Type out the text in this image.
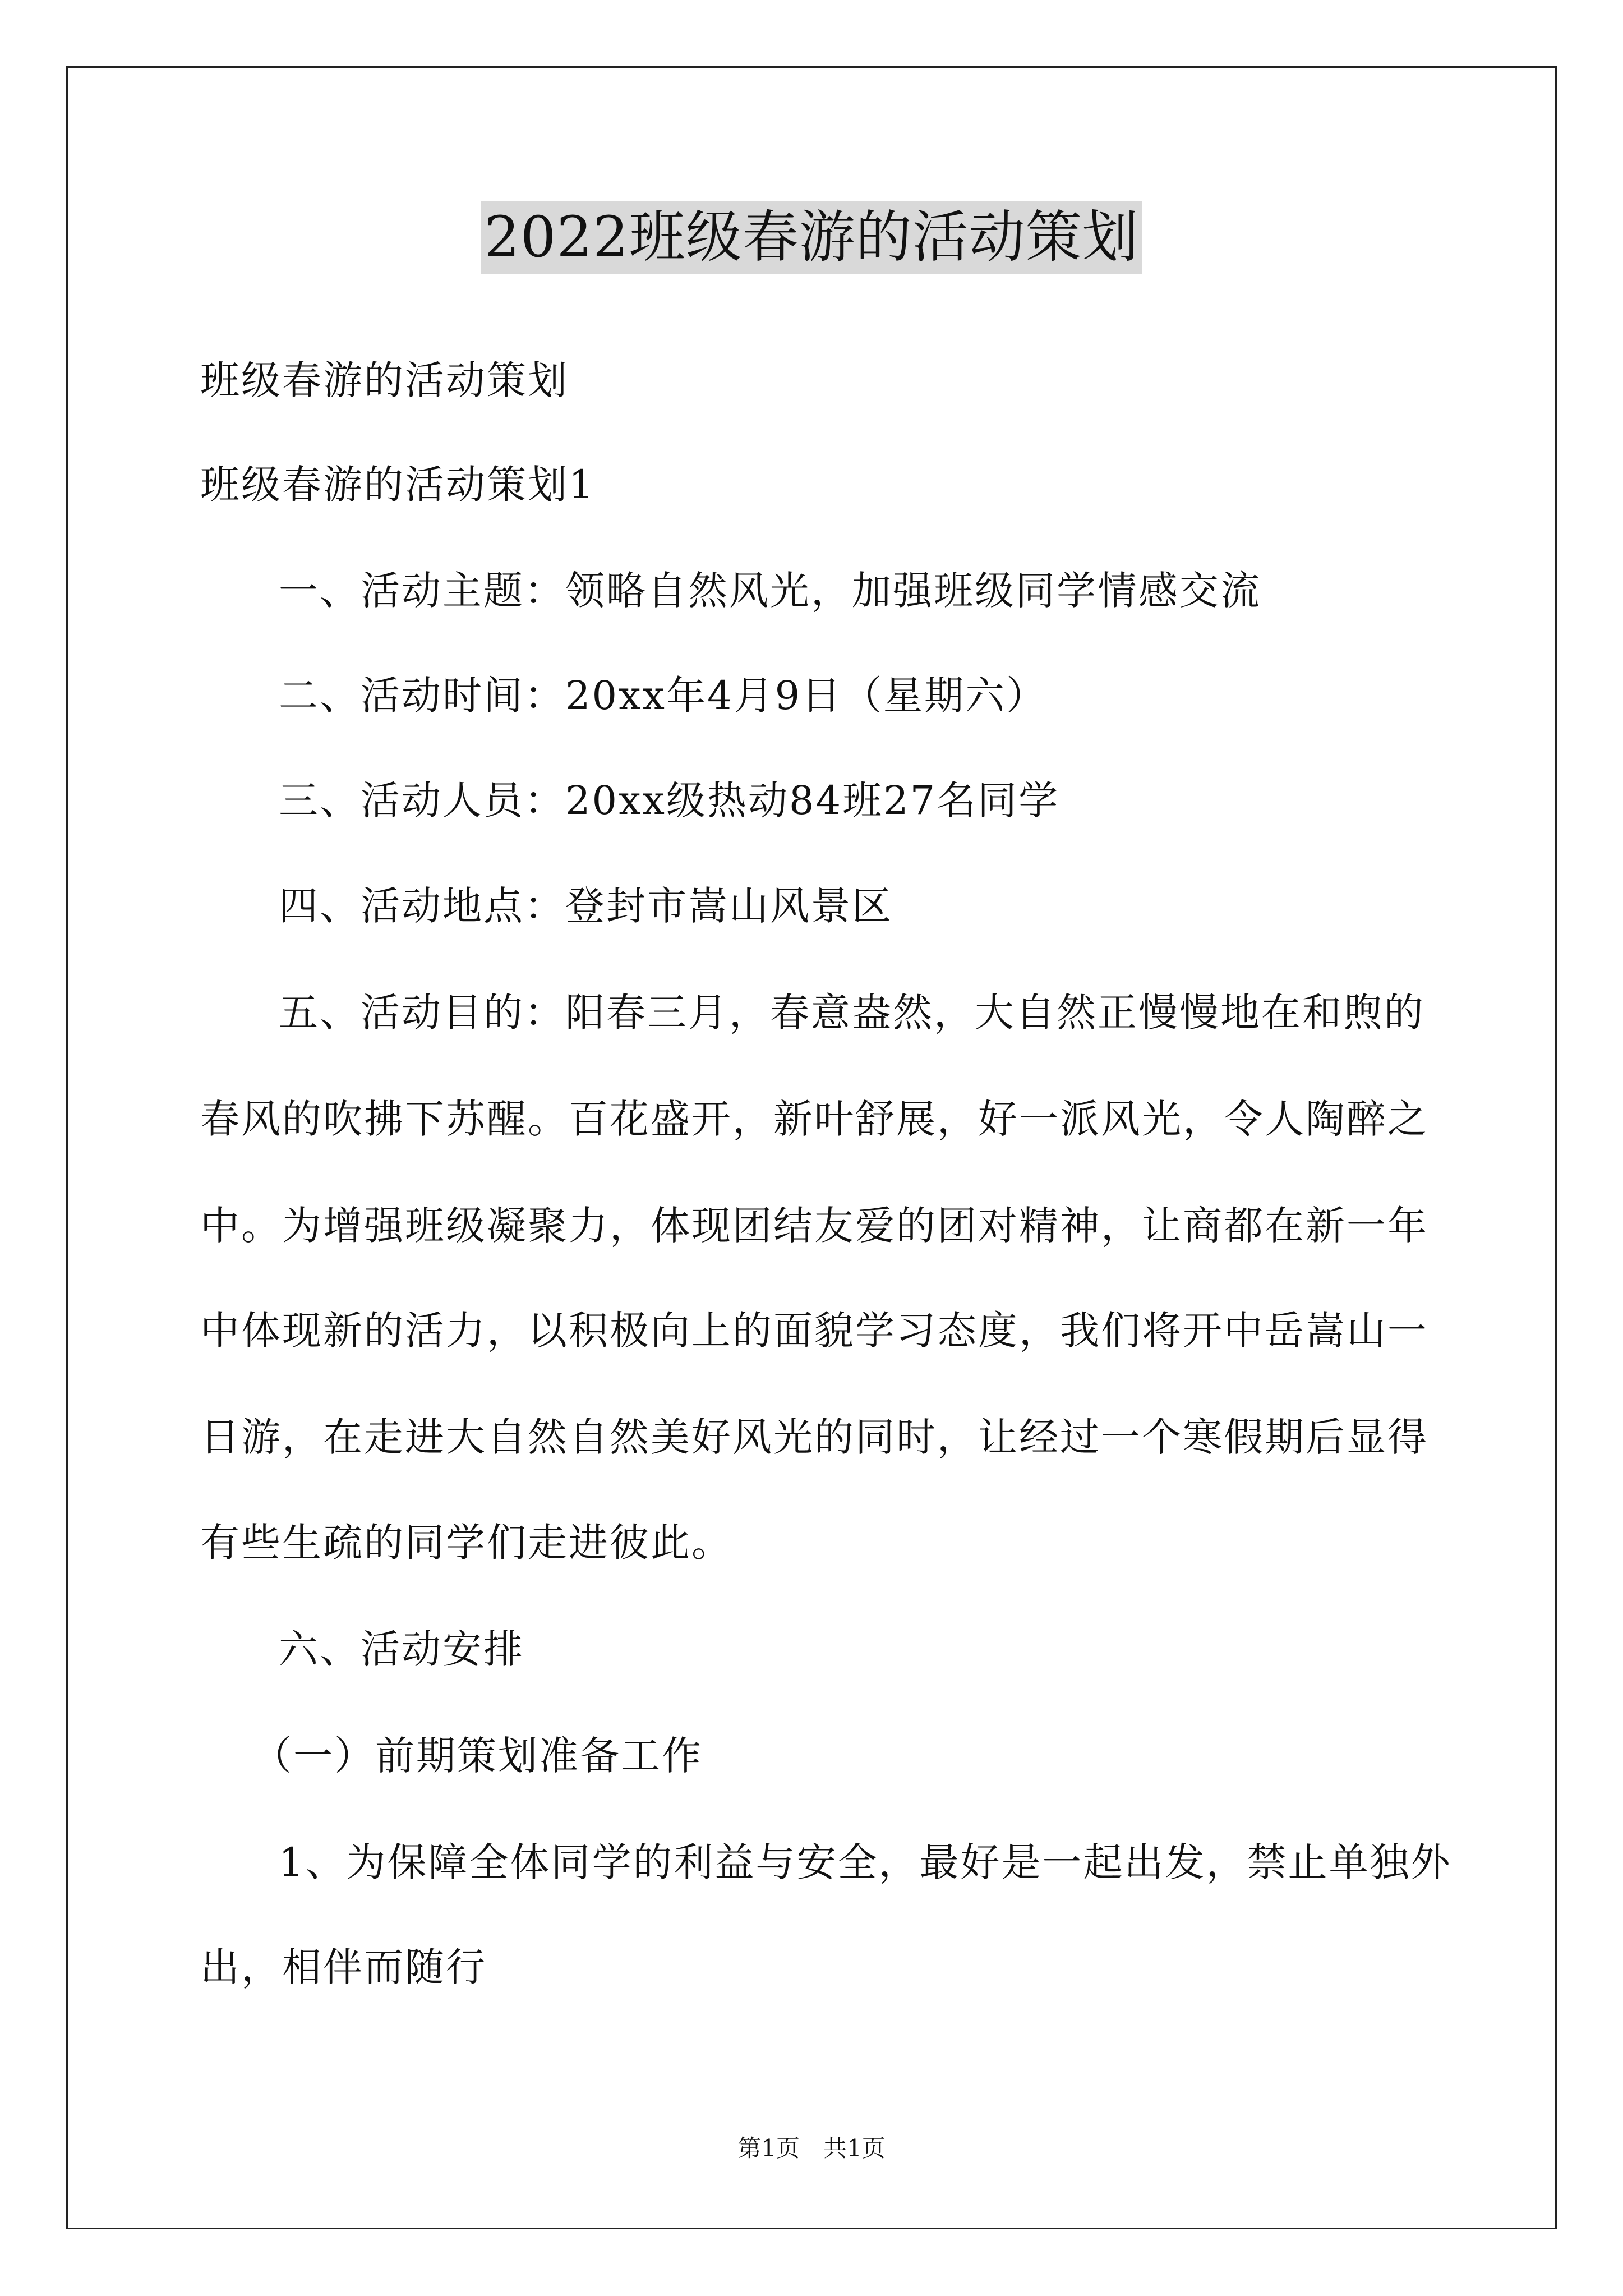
2022班级春游的活动策划
班级春游的活动策划
班级春游的活动策划1
一、活动主题：领略自然风光，加强班级同学情感交流
二、活动时间：20xx年4月9日（星期六）
三、活动人员：20xx级热动84班27名同学
四、活动地点：登封市嵩山风景区
五、活动目的：阳春三月，春意盎然，大自然正慢慢地在和煦的
春风的吹拂下苏醒。百花盛开，新叶舒展，好一派风光，令人陶醉之
中。为增强班级凝聚力，体现团结友爱的团对精神，让商都在新一年
中体现新的活力，以积极向上的面貌学习态度，我们将开中岳嵩山一
日游，在走进大自然自然美好风光的同时，让经过一个寒假期后显得
有些生疏的同学们走进彼此。
六、活动安排
（一）前期策划准备工作
1、为保障全体同学的利益与安全，最好是一起出发，禁止单独外
出，相伴而随行
第1页　共1页
